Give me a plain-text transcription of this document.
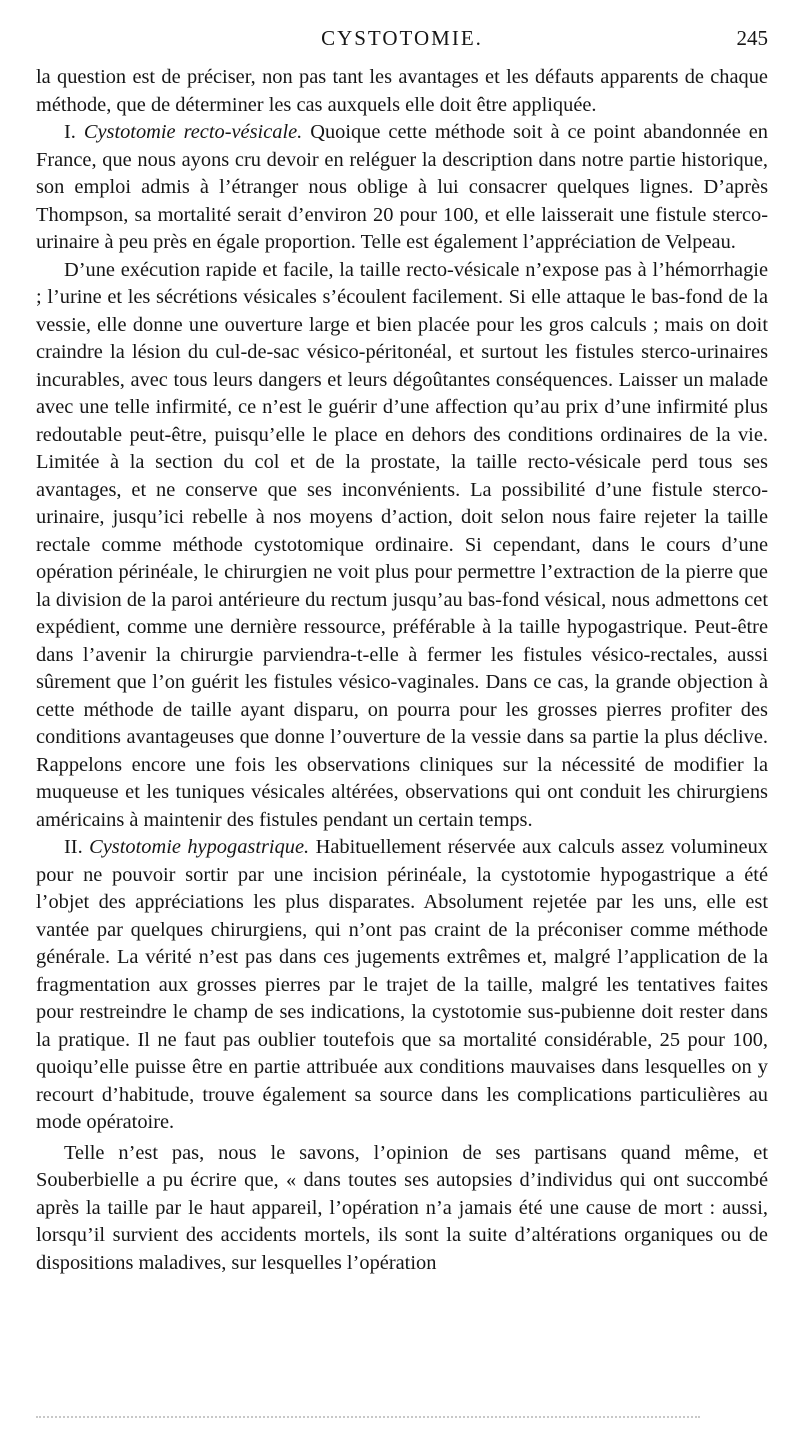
CYSTOTOMIE.	245

la question est de préciser, non pas tant les avantages et les défauts apparents de chaque méthode, que de déterminer les cas auxquels elle doit être appliquée.

I. Cystotomie recto-vésicale. Quoique cette méthode soit à ce point abandonnée en France, que nous ayons cru devoir en reléguer la description dans notre partie historique, son emploi admis à l’étranger nous oblige à lui consacrer quelques lignes. D’après Thompson, sa mortalité serait d’environ 20 pour 100, et elle laisserait une fistule sterco-urinaire à peu près en égale proportion. Telle est également l’appréciation de Velpeau.

D’une exécution rapide et facile, la taille recto-vésicale n’expose pas à l’hémorrhagie ; l’urine et les sécrétions vésicales s’écoulent facilement. Si elle attaque le bas-fond de la vessie, elle donne une ouverture large et bien placée pour les gros calculs ; mais on doit craindre la lésion du cul-de-sac vésico-péritonéal, et surtout les fistules sterco-urinaires incurables, avec tous leurs dangers et leurs dégoûtantes conséquences. Laisser un malade avec une telle infirmité, ce n’est le guérir d’une affection qu’au prix d’une infirmité plus redoutable peut-être, puisqu’elle le place en dehors des conditions ordinaires de la vie. Limitée à la section du col et de la prostate, la taille recto-vésicale perd tous ses avantages, et ne conserve que ses inconvénients. La possibilité d’une fistule sterco-urinaire, jusqu’ici rebelle à nos moyens d’action, doit selon nous faire rejeter la taille rectale comme méthode cystotomique ordinaire. Si cependant, dans le cours d’une opération périnéale, le chirurgien ne voit plus pour permettre l’extraction de la pierre que la division de la paroi antérieure du rectum jusqu’au bas-fond vésical, nous admettons cet expédient, comme une dernière ressource, préférable à la taille hypogastrique. Peut-être dans l’avenir la chirurgie parviendra-t-elle à fermer les fistules vésico-rectales, aussi sûrement que l’on guérit les fistules vésico-vaginales. Dans ce cas, la grande objection à cette méthode de taille ayant disparu, on pourra pour les grosses pierres profiter des conditions avantageuses que donne l’ouverture de la vessie dans sa partie la plus déclive. Rappelons encore une fois les observations cliniques sur la nécessité de modifier la muqueuse et les tuniques vésicales altérées, observations qui ont conduit les chirurgiens américains à maintenir des fistules pendant un certain temps.

II. Cystotomie hypogastrique. Habituellement réservée aux calculs assez volumineux pour ne pouvoir sortir par une incision périnéale, la cystotomie hypogastrique a été l’objet des appréciations les plus disparates. Absolument rejetée par les uns, elle est vantée par quelques chirurgiens, qui n’ont pas craint de la préconiser comme méthode générale. La vérité n’est pas dans ces jugements extrêmes et, malgré l’application de la fragmentation aux grosses pierres par le trajet de la taille, malgré les tentatives faites pour restreindre le champ de ses indications, la cystotomie sus-pubienne doit rester dans la pratique. Il ne faut pas oublier toutefois que sa mortalité considérable, 25 pour 100, quoiqu’elle puisse être en partie attribuée aux conditions mauvaises dans lesquelles on y recourt d’habitude, trouve également sa source dans les complications particulières au mode opératoire.

Telle n’est pas, nous le savons, l’opinion de ses partisans quand même, et Souberbielle a pu écrire que, « dans toutes ses autopsies d’individus qui ont succombé après la taille par le haut appareil, l’opération n’a jamais été une cause de mort : aussi, lorsqu’il survient des accidents mortels, ils sont la suite d’altérations organiques ou de dispositions maladives, sur lesquelles l’opération
